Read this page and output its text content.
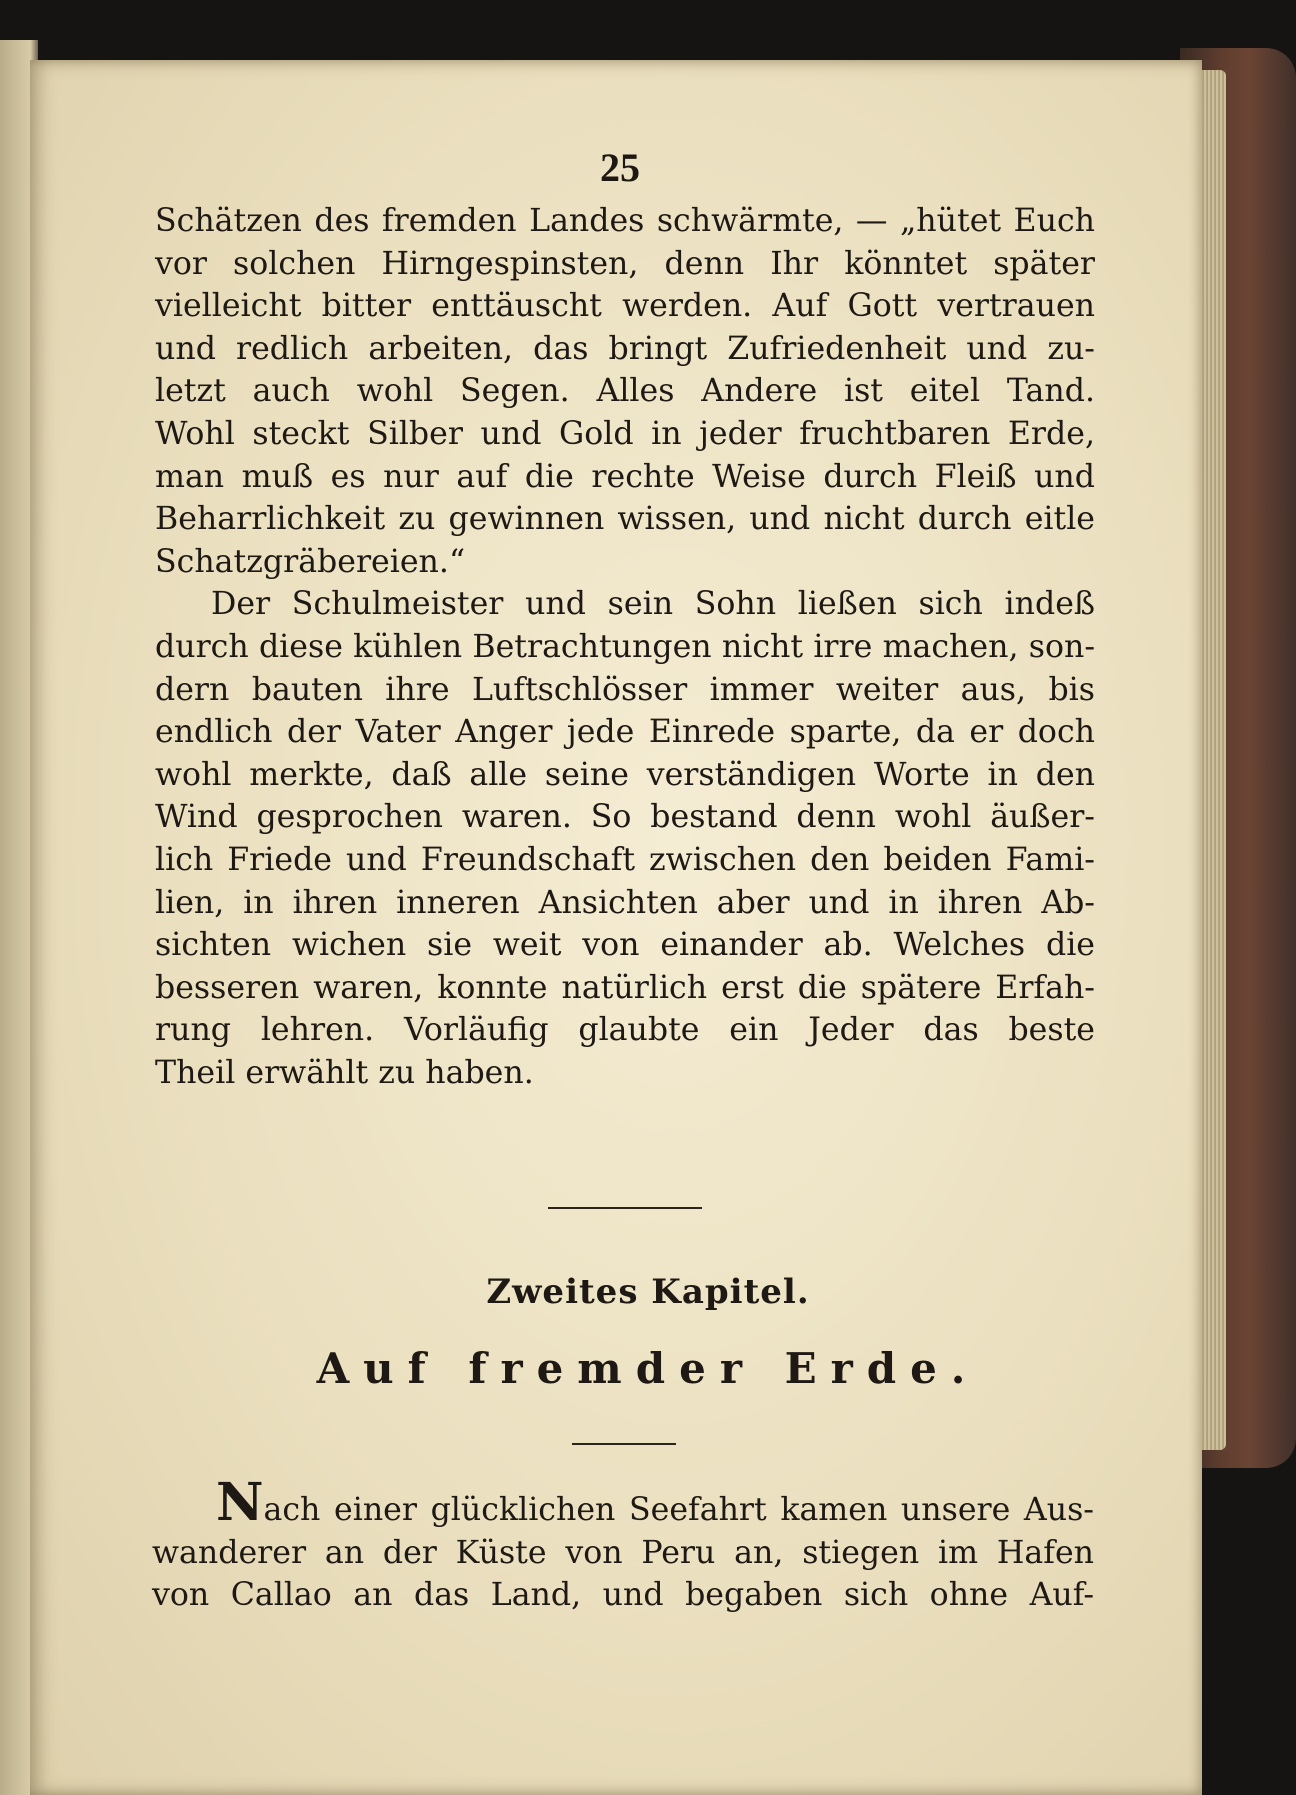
25
Schätzen des fremden Landes schwärmte, — „hütet Euch
vor solchen Hirngespinsten, denn Ihr könntet später
vielleicht bitter enttäuscht werden. Auf Gott vertrauen
und redlich arbeiten, das bringt Zufriedenheit und zu-
letzt auch wohl Segen. Alles Andere ist eitel Tand.
Wohl steckt Silber und Gold in jeder fruchtbaren Erde,
man muß es nur auf die rechte Weise durch Fleiß und
Beharrlichkeit zu gewinnen wissen, und nicht durch eitle
Schatzgräbereien.“
Der Schulmeister und sein Sohn ließen sich indeß
durch diese kühlen Betrachtungen nicht irre machen, son-
dern bauten ihre Luftschlösser immer weiter aus, bis
endlich der Vater Anger jede Einrede sparte, da er doch
wohl merkte, daß alle seine verständigen Worte in den
Wind gesprochen waren. So bestand denn wohl äußer-
lich Friede und Freundschaft zwischen den beiden Fami-
lien, in ihren inneren Ansichten aber und in ihren Ab-
sichten wichen sie weit von einander ab. Welches die
besseren waren, konnte natürlich erst die spätere Erfah-
rung lehren. Vorläufig glaubte ein Jeder das beste
Theil erwählt zu haben.
Zweites Kapitel.
Auf fremder Erde.
Nach einer glücklichen Seefahrt kamen unsere Aus-
wanderer an der Küste von Peru an, stiegen im Hafen
von Callao an das Land, und begaben sich ohne Auf-
